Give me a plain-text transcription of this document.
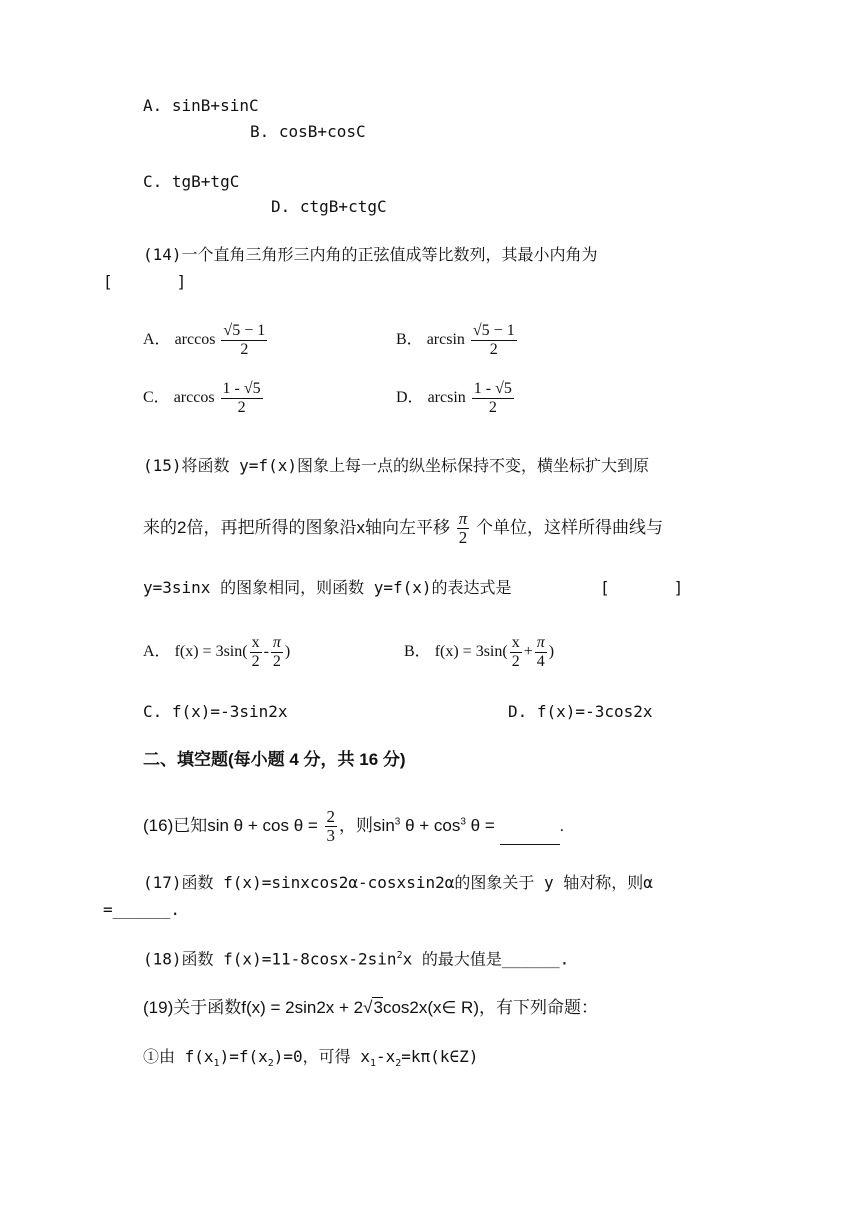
A. sinB+sinC
B. cosB+cosC
C. tgB+tgC
D. ctgB+ctgC
(14)一个直角三角形三内角的正弦值成等比数列，其最小内角为
[　　　　]
A． $\arccos \frac{√5 - 1}{2}$	B． $\arcsin \frac{√5 - 1}{2}$
C． $\arccos \frac{1 - √5}{2}$	D． $\arcsin \frac{1 - √5}{2}$
(15)将函数 y=f(x)图象上每一点的纵坐标保持不变，横坐标扩大到原
来的2倍，再把所得的图象沿x轴向左平移 $\frac{\pi}{2}$ 个单位，这样所得曲线与
y=3sinx 的图象相同，则函数 y=f(x)的表达式是	[　　　　]
A． $f(x) = 3\sin( \frac{x}{2} - \frac{\pi}{2}$ )	B． $f(x) = 3\sin( \frac{x}{2} + \frac{\pi}{4}$ )
C. f(x)=-3sin2x	D. f(x)=-3cos2x
二、填空题(每小题 4 分，共 16 分)
(16)已知$\sin \theta + \cos \theta = \frac{2}{3}$ ，则$\sin^3 \theta + \cos^3 \theta$ =	.
(17)函数 f(x)=sinxcos2α-cosxsin2α的图象关于 y 轴对称，则α
=______.
(18)函数 $f(x)=11-8\cos x-2\sin^2x$ 的最大值是______.
(19)关于函数f(x) = 2sin2x + 2√3cos2x(x∈ R)，有下列命题：
①由 $f(x_1)=f(x_2)=0$，可得 $x_1-x_2=k\pi(k\in Z)$
